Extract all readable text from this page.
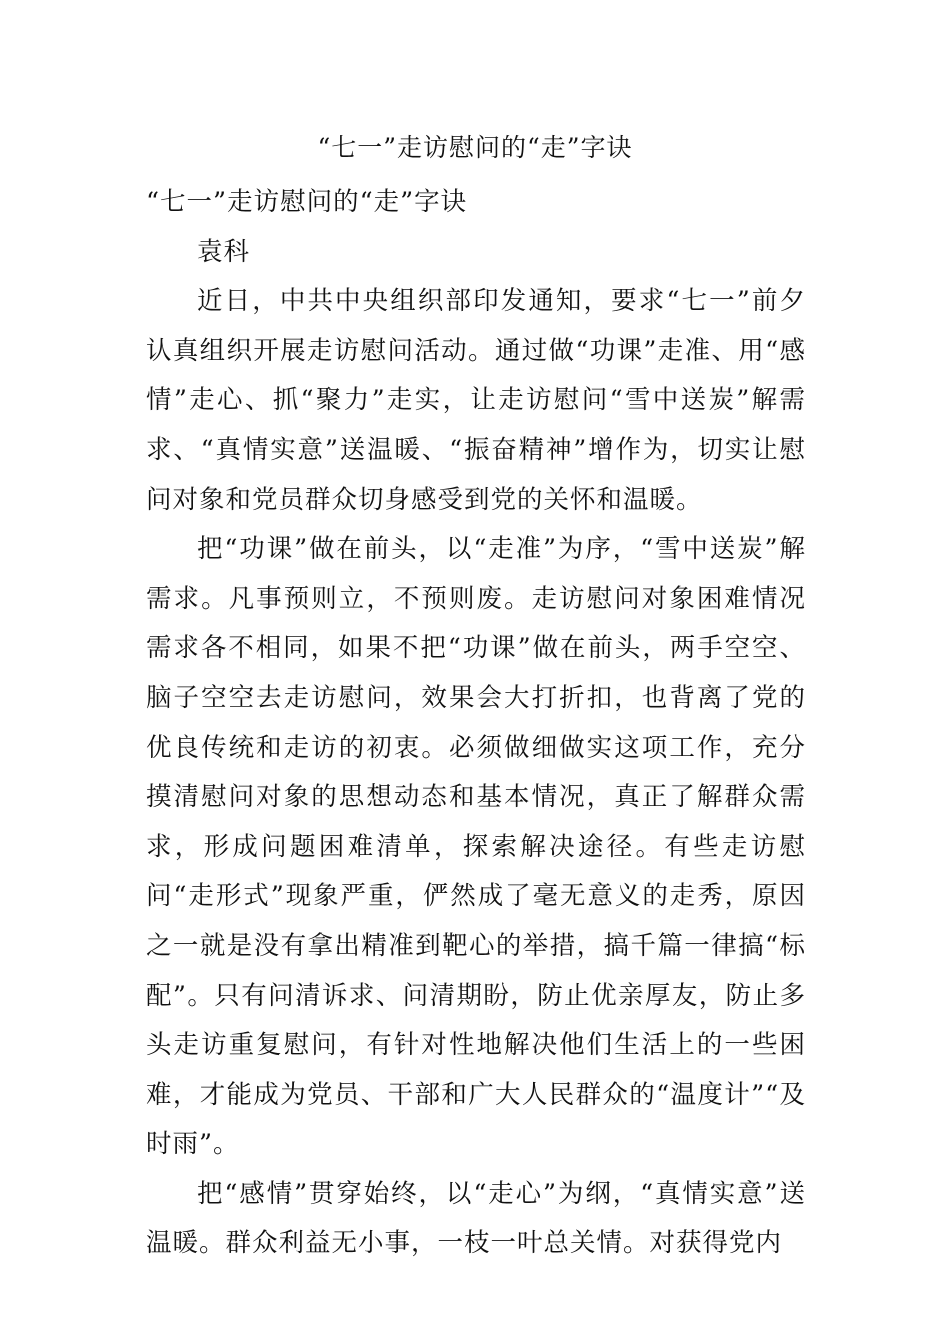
“七一”走访慰问的“走”字诀

“七一”走访慰问的“走”字诀

袁科

近日，中共中央组织部印发通知，要求“七一”前夕认真组织开展走访慰问活动。通过做“功课”走准、用“感情”走心、抓“聚力”走实，让走访慰问“雪中送炭”解需求、“真情实意”送温暖、“振奋精神”增作为，切实让慰问对象和党员群众切身感受到党的关怀和温暖。

把“功课”做在前头，以“走准”为序，“雪中送炭”解需求。凡事预则立，不预则废。走访慰问对象困难情况需求各不相同，如果不把“功课”做在前头，两手空空、脑子空空去走访慰问，效果会大打折扣，也背离了党的优良传统和走访的初衷。必须做细做实这项工作，充分摸清慰问对象的思想动态和基本情况，真正了解群众需求，形成问题困难清单，探索解决途径。有些走访慰问“走形式”现象严重，俨然成了毫无意义的走秀，原因之一就是没有拿出精准到靶心的举措，搞千篇一律搞“标配”。只有问清诉求、问清期盼，防止优亲厚友，防止多头走访重复慰问，有针对性地解决他们生活上的一些困难，才能成为党员、干部和广大人民群众的“温度计”“及时雨”。

把“感情”贯穿始终，以“走心”为纲，“真情实意”送温暖。群众利益无小事，一枝一叶总关情。对获得党内
